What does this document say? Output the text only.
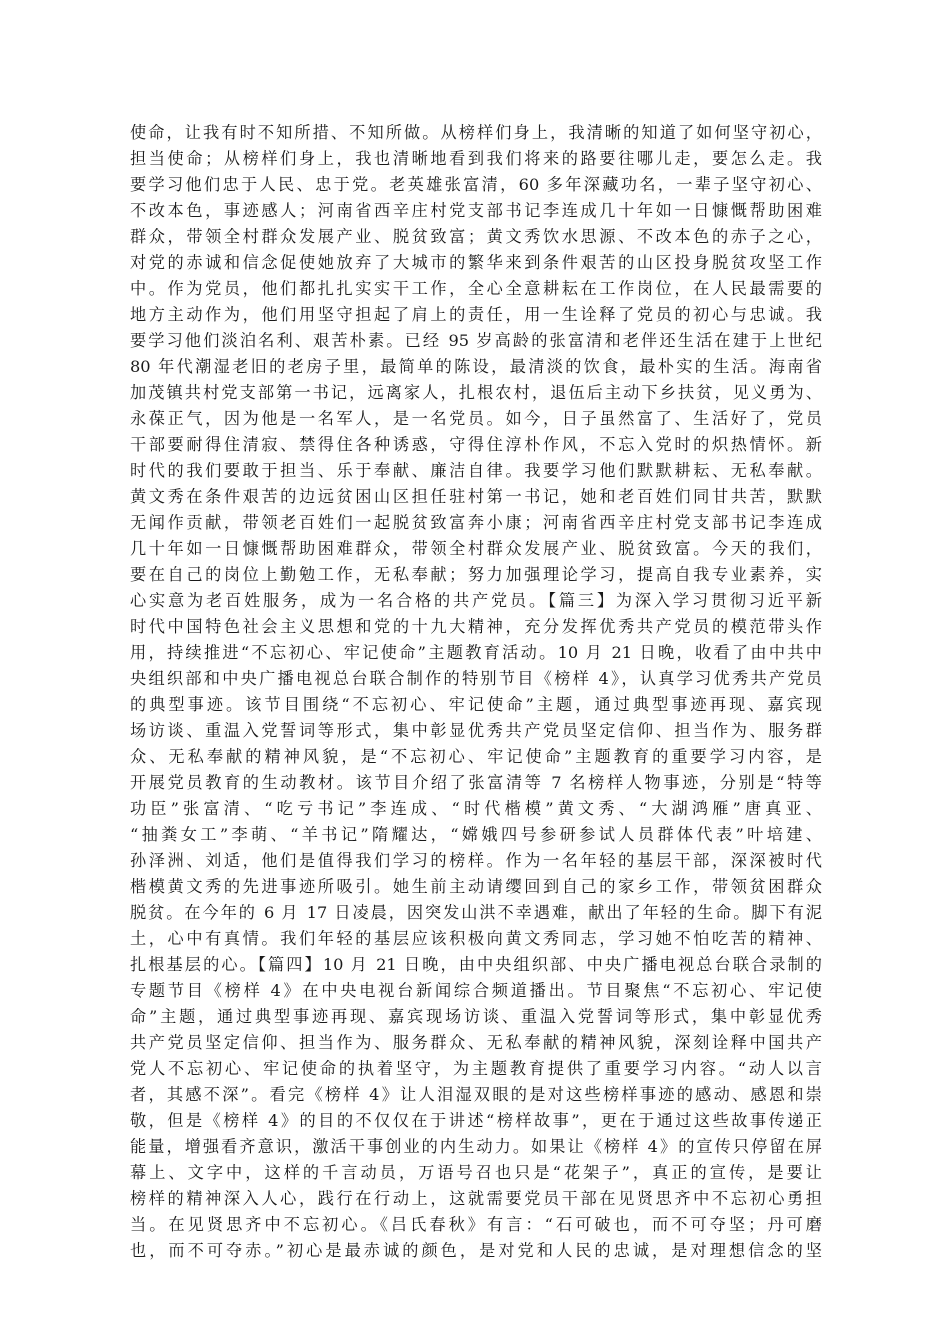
使命，让我有时不知所措、不知所做。从榜样们身上，我清晰的知道了如何坚守初心，
担当使命；从榜样们身上，我也清晰地看到我们将来的路要往哪儿走，要怎么走。我
要学习他们忠于人民、忠于党。老英雄张富清，60 多年深藏功名，一辈子坚守初心、
不改本色，事迹感人；河南省西辛庄村党支部书记李连成几十年如一日慷慨帮助困难
群众，带领全村群众发展产业、脱贫致富；黄文秀饮水思源、不改本色的赤子之心，
对党的赤诚和信念促使她放弃了大城市的繁华来到条件艰苦的山区投身脱贫攻坚工作
中。作为党员，他们都扎扎实实干工作，全心全意耕耘在工作岗位，在人民最需要的
地方主动作为，他们用坚守担起了肩上的责任，用一生诠释了党员的初心与忠诚。我
要学习他们淡泊名利、艰苦朴素。已经 95 岁高龄的张富清和老伴还生活在建于上世纪
80 年代潮湿老旧的老房子里，最简单的陈设，最清淡的饮食，最朴实的生活。海南省
加茂镇共村党支部第一书记，远离家人，扎根农村，退伍后主动下乡扶贫，见义勇为、
永葆正气，因为他是一名军人，是一名党员。如今，日子虽然富了、生活好了，党员
干部要耐得住清寂、禁得住各种诱惑，守得住淳朴作风，不忘入党时的炽热情怀。新
时代的我们要敢于担当、乐于奉献、廉洁自律。我要学习他们默默耕耘、无私奉献。
黄文秀在条件艰苦的边远贫困山区担任驻村第一书记，她和老百姓们同甘共苦，默默
无闻作贡献，带领老百姓们一起脱贫致富奔小康；河南省西辛庄村党支部书记李连成
几十年如一日慷慨帮助困难群众，带领全村群众发展产业、脱贫致富。今天的我们，
要在自己的岗位上勤勉工作，无私奉献；努力加强理论学习，提高自我专业素养，实
心实意为老百姓服务，成为一名合格的共产党员。【篇三】为深入学习贯彻习近平新
时代中国特色社会主义思想和党的十九大精神，充分发挥优秀共产党员的模范带头作
用，持续推进“不忘初心、牢记使命”主题教育活动。10 月 21 日晚，收看了由中共中
央组织部和中央广播电视总台联合制作的特别节目《榜样 4》，认真学习优秀共产党员
的典型事迹。该节目围绕“不忘初心、牢记使命”主题，通过典型事迹再现、嘉宾现
场访谈、重温入党誓词等形式，集中彰显优秀共产党员坚定信仰、担当作为、服务群
众、无私奉献的精神风貌，是“不忘初心、牢记使命”主题教育的重要学习内容，是
开展党员教育的生动教材。该节目介绍了张富清等 7 名榜样人物事迹，分别是“特等
功臣”张富清、“吃亏书记”李连成、“时代楷模”黄文秀、“大湖鸿雁”唐真亚、
“抽粪女工”李萌、“羊书记”隋耀达，“嫦娥四号参研参试人员群体代表”叶培建、
孙泽洲、刘适，他们是值得我们学习的榜样。作为一名年轻的基层干部，深深被时代
楷模黄文秀的先进事迹所吸引。她生前主动请缨回到自己的家乡工作，带领贫困群众
脱贫。在今年的 6 月 17 日凌晨，因突发山洪不幸遇难，献出了年轻的生命。脚下有泥
土，心中有真情。我们年轻的基层应该积极向黄文秀同志，学习她不怕吃苦的精神、
扎根基层的心。【篇四】10 月 21 日晚，由中央组织部、中央广播电视总台联合录制的
专题节目《榜样 4》在中央电视台新闻综合频道播出。节目聚焦“不忘初心、牢记使
命”主题，通过典型事迹再现、嘉宾现场访谈、重温入党誓词等形式，集中彰显优秀
共产党员坚定信仰、担当作为、服务群众、无私奉献的精神风貌，深刻诠释中国共产
党人不忘初心、牢记使命的执着坚守，为主题教育提供了重要学习内容。“动人以言
者，其感不深”。看完《榜样 4》让人泪湿双眼的是对这些榜样事迹的感动、感恩和崇
敬，但是《榜样 4》的目的不仅仅在于讲述“榜样故事”，更在于通过这些故事传递正
能量，增强看齐意识，激活干事创业的内生动力。如果让《榜样 4》的宣传只停留在屏
幕上、文字中，这样的千言动员，万语号召也只是“花架子”，真正的宣传，是要让
榜样的精神深入人心，践行在行动上，这就需要党员干部在见贤思齐中不忘初心勇担
当。在见贤思齐中不忘初心。《吕氏春秋》有言：“石可破也，而不可夺坚；丹可磨
也，而不可夺赤。”初心是最赤诚的颜色，是对党和人民的忠诚，是对理想信念的坚
